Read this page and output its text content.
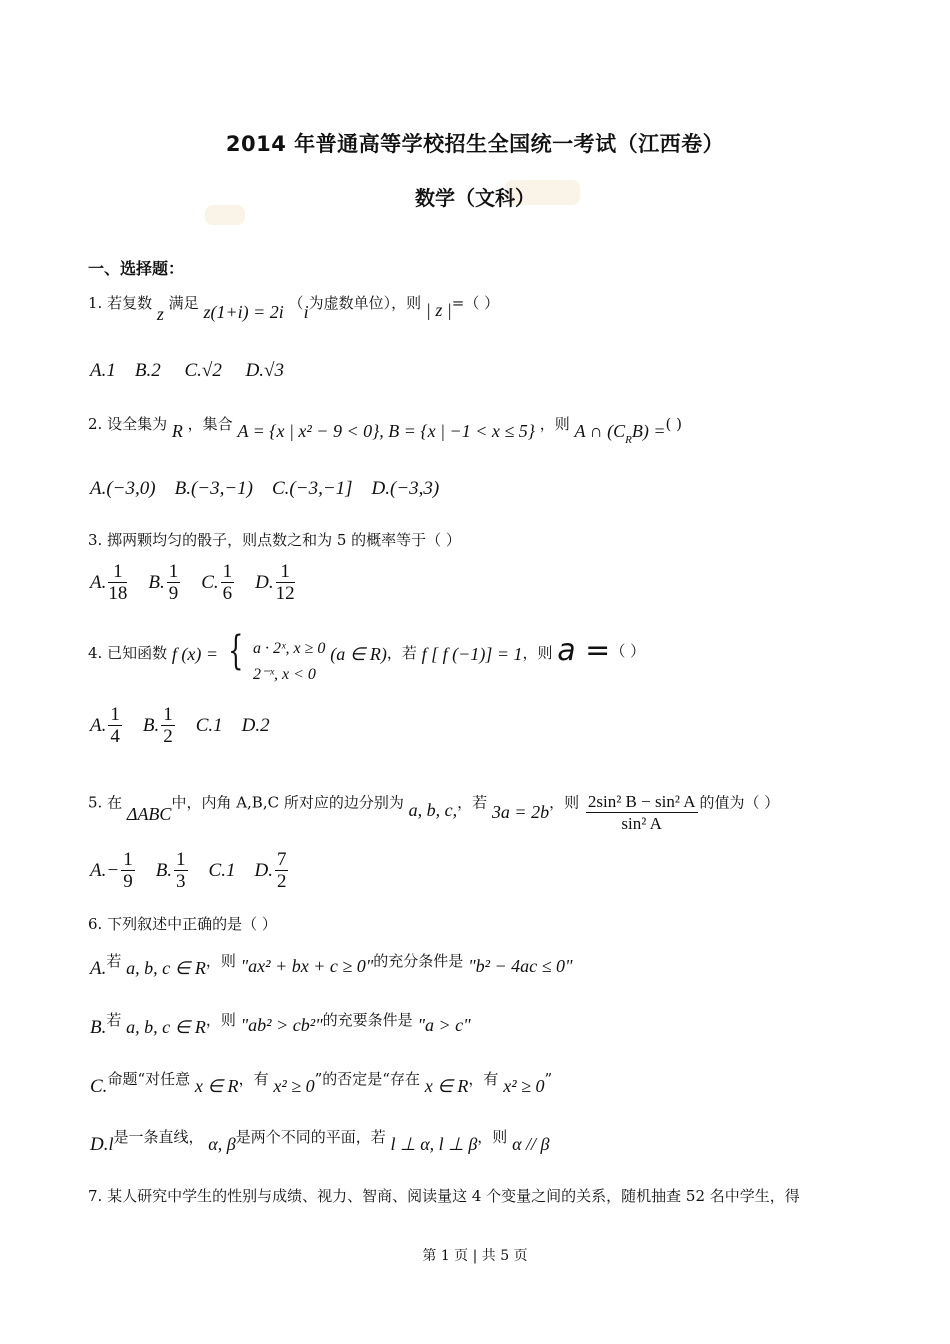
2014 年普通高等学校招生全国统一考试（江西卷）
数学（文科）
一、选择题：
1. 若复数 z 满足 z(1+i) = 2i （i为虚数单位），则 | z |=（ ）
A.1 B.2 C.√2 D.√3
2. 设全集为 R ，集合 A = {x | x² − 9 < 0}, B = {x | −1 < x ≤ 5} ，则 A ∩ $(C_RB)$ =( )
A.(−3,0) B.(−3,−1) C.(−3,−1] D.(−3,3)
3. 掷两颗均匀的骰子，则点数之和为 5 的概率等于（ ）
A. $\frac{1}{18} B$. $\frac{1}{9} C$. $\frac{1}{6} D$. $\frac{1}{12}$
4. 已知函数 f (x) = { a · 2ˣ, x ≥ 0
2⁻ˣ, x < 0
(a ∈ R)，若 f [ f (−1)] = 1，则 a =（ ）
A. $\frac{1}{4} B$. $\frac{1}{2} C.1$ D.2
5. 在 ΔABC中，内角 A,B,C 所对应的边分别为 a, b, c,，若 3a = 2b，则 $\frac{\text{2sin² B − sin² A}}{\text{sin² A}}$ 的值为（ ）
$A.- \frac{1}{9} B$. $\frac{1}{3} C.1$ D. $\frac{7}{2}$
6. 下列叙述中正确的是（ ）
A.若 a, b, c ∈ R，则 "ax² + bx + c ≥ 0"的充分条件是 "b² − 4ac ≤ 0"
B.若 a, b, c ∈ R，则 "ab² > cb²"的充要条件是 "a > c"
C.命题“对任意 x ∈ R，有 x² ≥ 0”的否定是“存在 x ∈ R，有 x² ≥ 0”
D.l是一条直线， α, β是两个不同的平面，若 l ⊥ α, l ⊥ β，则 α // β
7. 某人研究中学生的性别与成绩、视力、智商、阅读量这 4 个变量之间的关系，随机抽查 52 名中学生，得
第 1 页 | 共 5 页
